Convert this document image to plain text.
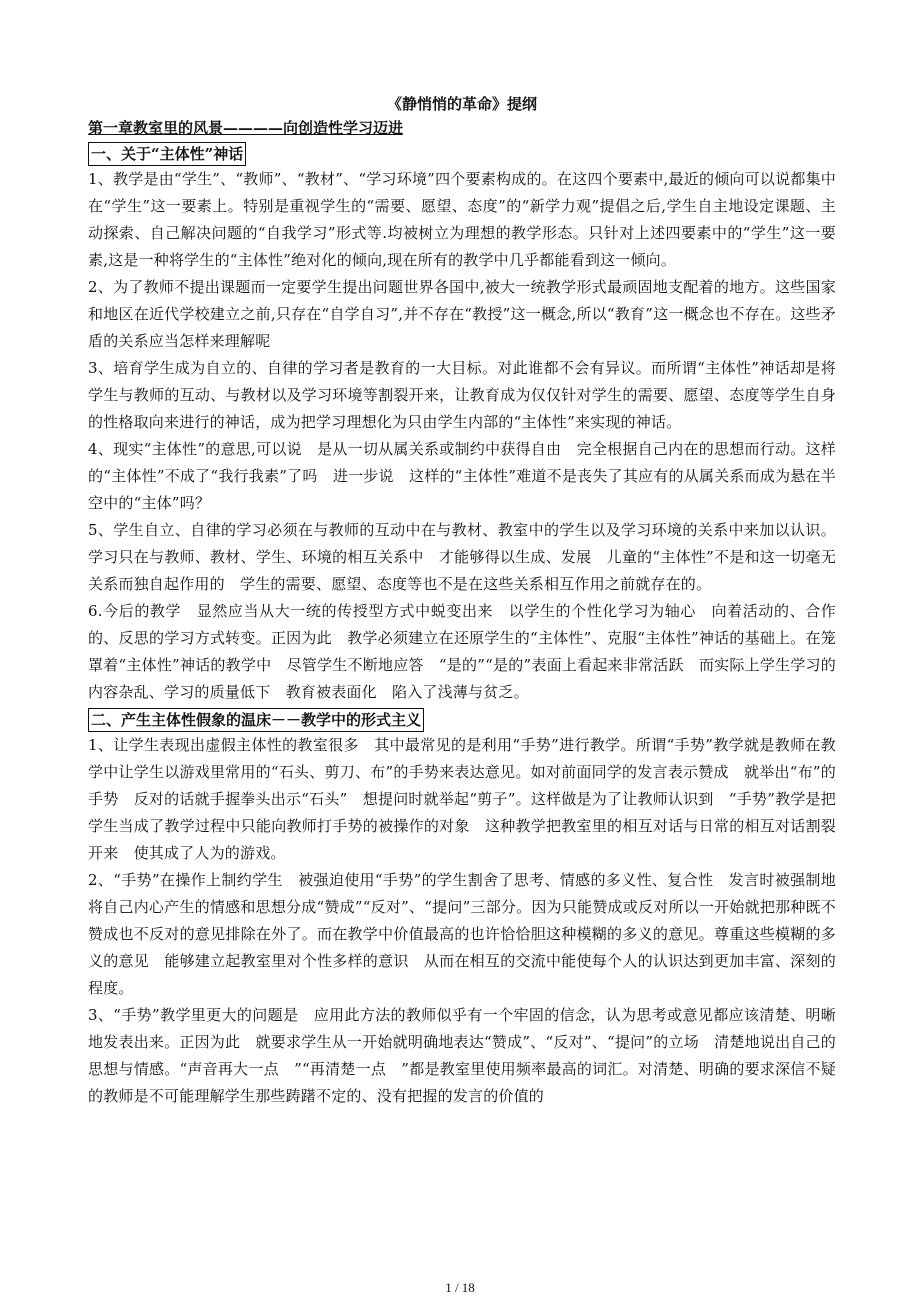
《静悄悄的革命》提纲

第一章教室里的风景————向创造性学习迈进

一、关于“主体性”神话

1、教学是由“学生”、“教师”、“教材”、“学习环境”四个要素构成的。在这四个要素中,最近的倾向可以说都集中在“学生”这一要素上。特别是重视学生的“需要、愿望、态度”的“新学力观”提倡之后,学生自主地设定课题、主动探索、自己解决问题的“自我学习”形式等.均被树立为理想的教学形态。只针对上述四要素中的“学生”这一要素,这是一种将学生的“主体性”绝对化的倾向,现在所有的教学中几乎都能看到这一倾向。

2、为了教师不提出课题而一定要学生提出问题世界各国中,被大一统教学形式最顽固地支配着的地方。这些国家和地区在近代学校建立之前,只存在“自学自习”,并不存在“教授”这一概念,所以“教育”这一概念也不存在。这些矛盾的关系应当怎样来理解呢

3、培育学生成为自立的、自律的学习者是教育的一大目标。对此谁都不会有异议。而所谓“主体性”神话却是将学生与教师的互动、与教材以及学习环境等割裂开来，让教育成为仅仅针对学生的需要、愿望、态度等学生自身的性格取向来进行的神话，成为把学习理想化为只由学生内部的“主体性”来实现的神话。

4、现实“主体性”的意思,可以说　是从一切从属关系或制约中获得自由　完全根据自己内在的思想而行动。这样的“主体性”不成了“我行我素”了吗　进一步说　这样的“主体性”难道不是丧失了其应有的从属关系而成为悬在半空中的“主体”吗？

5、学生自立、自律的学习必须在与教师的互动中在与教材、教室中的学生以及学习环境的关系中来加以认识。学习只在与教师、教材、学生、环境的相互关系中　才能够得以生成、发展　儿童的“主体性”不是和这一切毫无关系而独自起作用的　学生的需要、愿望、态度等也不是在这些关系相互作用之前就存在的。

6.今后的教学　显然应当从大一统的传授型方式中蜕变出来　以学生的个性化学习为轴心　向着活动的、合作的、反思的学习方式转变。正因为此　教学必须建立在还原学生的“主体性”、克服“主体性”神话的基础上。在笼罩着“主体性”神话的教学中　尽管学生不断地应答　“是的”“是的”表面上看起来非常活跃　而实际上学生学习的内容杂乱、学习的质量低下　教育被表面化　陷入了浅薄与贫乏。

二、产生主体性假象的温床－－教学中的形式主义

1、让学生表现出虚假主体性的教室很多　其中最常见的是利用“手势”进行教学。所谓“手势”教学就是教师在教学中让学生以游戏里常用的“石头、剪刀、布”的手势来表达意见。如对前面同学的发言表示赞成　就举出“布”的手势　反对的话就手握拳头出示“石头”　想提问时就举起“剪子”。这样做是为了让教师认识到　“手势”教学是把学生当成了教学过程中只能向教师打手势的被操作的对象　这种教学把教室里的相互对话与日常的相互对话割裂开来　使其成了人为的游戏。

2、“手势”在操作上制约学生　被强迫使用“手势”的学生割舍了思考、情感的多义性、复合性　发言时被强制地将自己内心产生的情感和思想分成“赞成”“反对”、“提问”三部分。因为只能赞成或反对所以一开始就把那种既不赞成也不反对的意见排除在外了。而在教学中价值最高的也许恰恰胆这种模糊的多义的意见。尊重这些模糊的多义的意见　能够建立起教室里对个性多样的意识　从而在相互的交流中能使每个人的认识达到更加丰富、深刻的程度。

3、“手势”教学里更大的问题是　应用此方法的教师似乎有一个牢固的信念，认为思考或意见都应该清楚、明晰地发表出来。正因为此　就要求学生从一开始就明确地表达“赞成”、“反对”、“提问”的立场　清楚地说出自己的思想与情感。“声音再大一点　”“再清楚一点　”都是教室里使用频率最高的词汇。对清楚、明确的要求深信不疑的教师是不可能理解学生那些踌躇不定的、没有把握的发言的价值的

1 / 18
